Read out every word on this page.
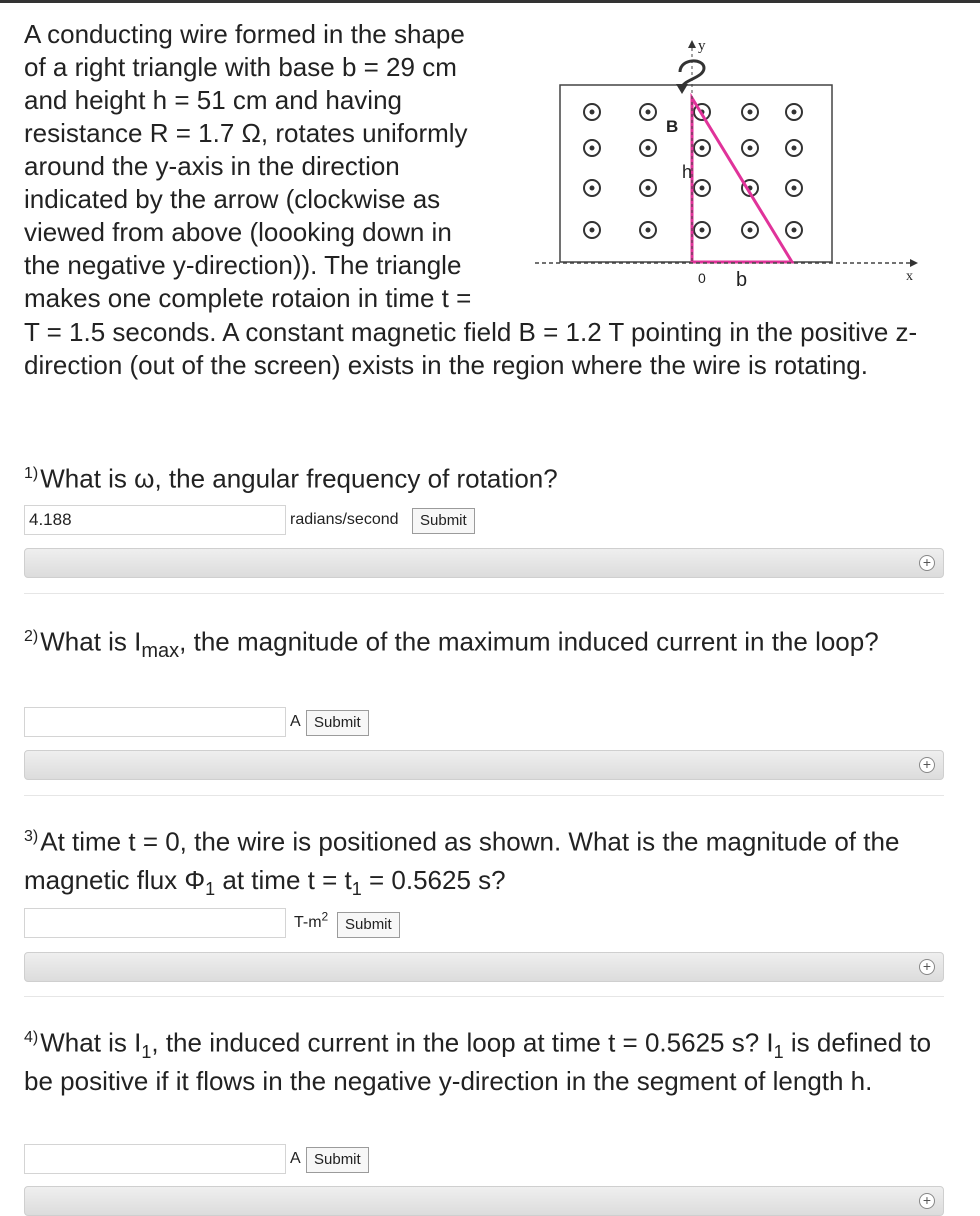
A conducting wire formed in the shape
of a right triangle with base b = 29 cm
and height h = 51 cm and having
resistance R = 1.7 Ω, rotates uniformly
around the y-axis in the direction
indicated by the arrow (clockwise as
viewed from above (loooking down in
the negative y-direction)). The triangle
makes one complete rotaion in time t =
T = 1.5 seconds. A constant magnetic field B = 1.2 T pointing in the positive z-direction (out of the screen) exists in the region where the wire is rotating.
y
x
B
h
0 b
$^{1)}$What is ω, the angular frequency of rotation?
4.188
radians/second	Submit
+
$^{2)}$What is $I_{max}$, the magnitude of the maximum induced current in the loop?
A Submit
+
$^{3)}$At time t = 0, the wire is positioned as shown. What is the magnitude of the magnetic flux $\Phi_1$ at time $t = t_1 = 0.5625$ s?
$T-m^2$	Submit
+
$^{4)}$What is $I_1$, the induced current in the loop at time t = 0.5625 s? $I_1$ is defined to be positive if it flows in the negative y-direction in the segment of length h.
A Submit
+
